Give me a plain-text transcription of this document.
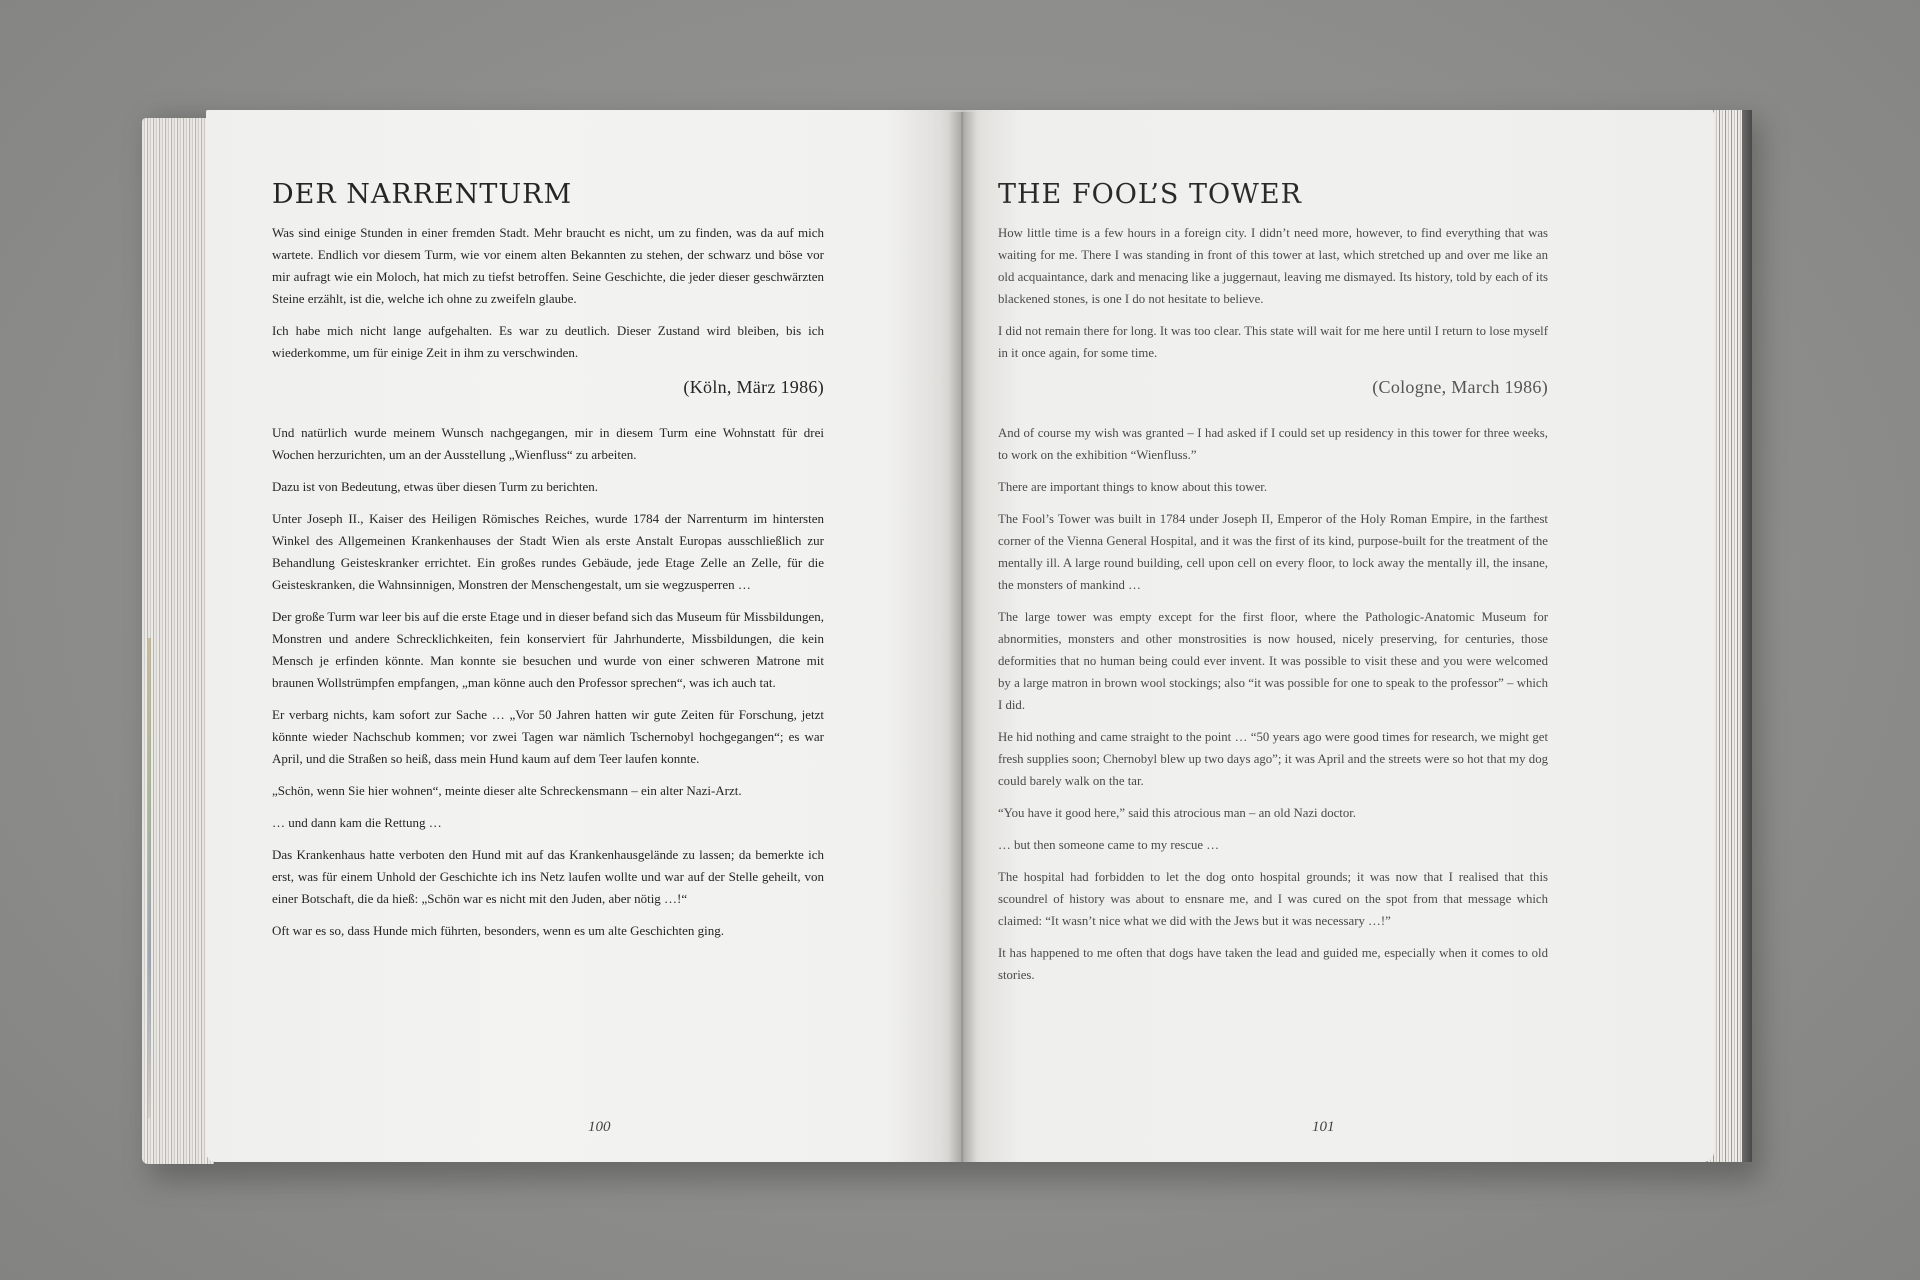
DER NARRENTURM

Was sind einige Stunden in einer fremden Stadt. Mehr braucht es nicht, um zu finden, was da auf mich wartete. Endlich vor diesem Turm, wie vor einem alten Bekannten zu stehen, der schwarz und böse vor mir aufragt wie ein Moloch, hat mich zu tiefst betroffen. Seine Geschichte, die jeder dieser geschwärzten Steine erzählt, ist die, welche ich ohne zu zweifeln glaube.

Ich habe mich nicht lange aufgehalten. Es war zu deutlich. Dieser Zustand wird bleiben, bis ich wiederkomme, um für einige Zeit in ihm zu verschwinden.

(Köln, März 1986)

Und natürlich wurde meinem Wunsch nachgegangen, mir in diesem Turm eine Wohnstatt für drei Wochen herzurichten, um an der Ausstellung „Wienfluss“ zu arbeiten.

Dazu ist von Bedeutung, etwas über diesen Turm zu berichten.

Unter Joseph II., Kaiser des Heiligen Römisches Reiches, wurde 1784 der Narrenturm im hintersten Winkel des Allgemeinen Krankenhauses der Stadt Wien als erste Anstalt Europas ausschließlich zur Behandlung Geisteskranker errichtet. Ein großes rundes Gebäude, jede Etage Zelle an Zelle, für die Geisteskranken, die Wahnsinnigen, Monstren der Menschengestalt, um sie wegzusperren …

Der große Turm war leer bis auf die erste Etage und in dieser befand sich das Museum für Missbildungen, Monstren und andere Schrecklichkeiten, fein konserviert für Jahrhunderte, Missbildungen, die kein Mensch je erfinden könnte. Man konnte sie besuchen und wurde von einer schweren Matrone mit braunen Wollstrümpfen empfangen, „man könne auch den Professor sprechen“, was ich auch tat.

Er verbarg nichts, kam sofort zur Sache … „Vor 50 Jahren hatten wir gute Zeiten für Forschung, jetzt könnte wieder Nachschub kommen; vor zwei Tagen war nämlich Tschernobyl hochgegangen“; es war April, und die Straßen so heiß, dass mein Hund kaum auf dem Teer laufen konnte.

„Schön, wenn Sie hier wohnen“, meinte dieser alte Schreckensmann – ein alter Nazi-Arzt.

… und dann kam die Rettung …

Das Krankenhaus hatte verboten den Hund mit auf das Krankenhausgelände zu lassen; da bemerkte ich erst, was für einem Unhold der Geschichte ich ins Netz laufen wollte und war auf der Stelle geheilt, von einer Botschaft, die da hieß: „Schön war es nicht mit den Juden, aber nötig …!“

Oft war es so, dass Hunde mich führten, besonders, wenn es um alte Geschichten ging.

100
THE FOOL’S TOWER

How little time is a few hours in a foreign city. I didn’t need more, however, to find everything that was waiting for me. There I was standing in front of this tower at last, which stretched up and over me like an old acquaintance, dark and menacing like a juggernaut, leaving me dismayed. Its history, told by each of its blackened stones, is one I do not hesitate to believe.

I did not remain there for long. It was too clear. This state will wait for me here until I return to lose myself in it once again, for some time.

(Cologne, March 1986)

And of course my wish was granted – I had asked if I could set up residency in this tower for three weeks, to work on the exhibition “Wienfluss.”

There are important things to know about this tower.

The Fool’s Tower was built in 1784 under Joseph II, Emperor of the Holy Roman Empire, in the farthest corner of the Vienna General Hospital, and it was the first of its kind, purpose-built for the treatment of the mentally ill. A large round building, cell upon cell on every floor, to lock away the mentally ill, the insane, the monsters of mankind …

The large tower was empty except for the first floor, where the Pathologic-Anatomic Museum for abnormities, monsters and other monstrosities is now housed, nicely preserving, for centuries, those deformities that no human being could ever invent. It was possible to visit these and you were welcomed by a large matron in brown wool stockings; also “it was possible for one to speak to the professor” – which I did.

He hid nothing and came straight to the point … “50 years ago were good times for research, we might get fresh supplies soon; Chernobyl blew up two days ago”; it was April and the streets were so hot that my dog could barely walk on the tar.

“You have it good here,” said this atrocious man – an old Nazi doctor.

… but then someone came to my rescue …

The hospital had forbidden to let the dog onto hospital grounds; it was now that I realised that this scoundrel of history was about to ensnare me, and I was cured on the spot from that message which claimed: “It wasn’t nice what we did with the Jews but it was necessary …!”

It has happened to me often that dogs have taken the lead and guided me, especially when it comes to old stories.

101
